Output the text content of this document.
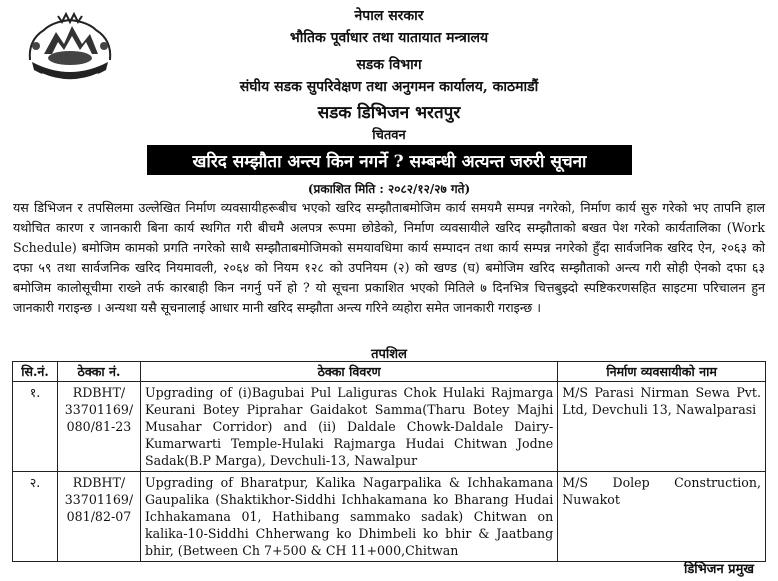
नेपाल सरकार
भौतिक पूर्वाधार तथा यातायात मन्त्रालय
सडक विभाग
संघीय सडक सुपरिवेक्षण तथा अनुगमन कार्यालय, काठमाडौं
सडक डिभिजन भरतपुर
चितवन
खरिद सम्झौता अन्त्य किन नगर्ने ? सम्बन्धी अत्यन्त जरुरी सूचना
(प्रकाशित मिति : २०८२/१२/२७ गते)
यस डिभिजन र तपसिलमा उल्लेखित निर्माण व्यवसायीहरूबीच भएको खरिद सम्झौताबमोजिम कार्य समयमै सम्पन्न नगरेको, निर्माण कार्य सुरु गरेको भए तापनि हाल यथोचित कारण र जानकारी बिना कार्य स्थगित गरी बीचमै अलपत्र रूपमा छोडेको, निर्माण व्यवसायीले खरिद सम्झौताको बखत पेश गरेको कार्यतालिका (Work Schedule) बमोजिम कामको प्रगति नगरेको साथै सम्झौताबमोजिमको समयावधिमा कार्य सम्पादन तथा कार्य सम्पन्न नगरेको हुँदा सार्वजनिक खरिद ऐन, २०६३ को दफा ५९ तथा सार्वजनिक खरिद नियमावली, २०६४ को नियम १२८ को उपनियम (२) को खण्ड (घ) बमोजिम खरिद सम्झौताको अन्त्य गरी सोही ऐनको दफा ६३ बमोजिम कालोसूचीमा राख्ने तर्फ कारबाही किन नगर्नु पर्ने हो ? यो सूचना प्रकाशित भएको मितिले ७ दिनभित्र चित्तबुझ्दो स्पष्टिकरणसहित साइटमा परिचालन हुन जानकारी गराइन्छ । अन्यथा यसै सूचनालाई आधार मानी खरिद सम्झौता अन्त्य गरिने व्यहोरा समेत जानकारी गराइन्छ ।
तपशिल
सि.नं.	ठेक्का नं.	ठेक्का विवरण	निर्माण व्यवसायीको नाम
१.	RDBHT/ 33701169/ 080/81-23	Upgrading of (i)Bagubai Pul Laliguras Chok Hulaki Rajmarga Keurani Botey Piprahar Gaidakot Samma(Tharu Botey Majhi Musahar Corridor) and (ii) Daldale Chowk-Daldale Dairy-Kumarwarti Temple-Hulaki Rajmarga Hudai Chitwan Jodne Sadak(B.P Marga), Devchuli-13, Nawalpur	M/S Parasi Nirman Sewa Pvt. Ltd, Devchuli 13, Nawalparasi
२.	RDBHT/ 33701169/ 081/82-07	Upgrading of Bharatpur, Kalika Nagarpalika & Ichhakamana Gaupalika (Shaktikhor-Siddhi Ichhakamana ko Bharang Hudai Ichhakamana 01, Hathibang sammako sadak) Chitwan on kalika-10-Siddhi Chherwang ko Dhimbeli ko bhir & Jaatbang bhir, (Between Ch 7+500 & CH 11+000,Chitwan	M/S Dolep Construction, Nuwakot
डिभिजन प्रमुख
